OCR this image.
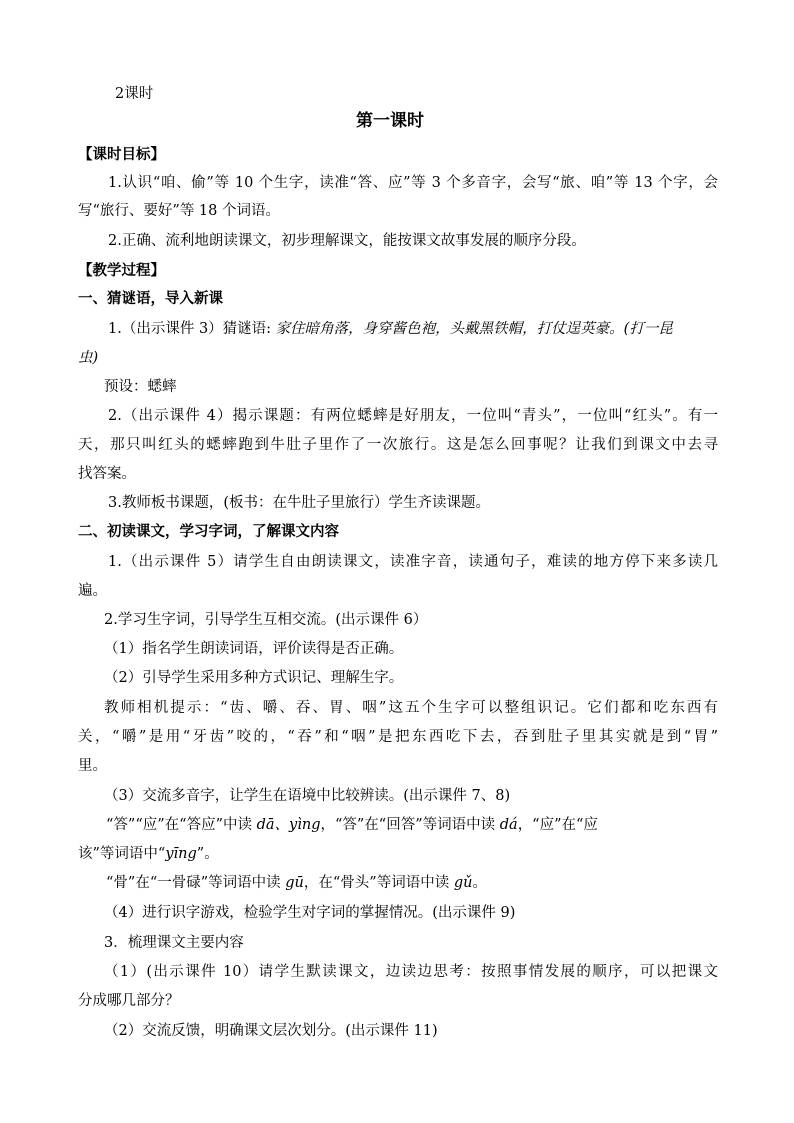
2课时
第一课时
【课时目标】
1.认识“咱、偷”等 10 个生字，读准“答、应”等 3 个多音字，会写“旅、咱”等 13 个字，会
写“旅行、要好”等 18 个词语。
2.正确、流利地朗读课文，初步理解课文，能按课文故事发展的顺序分段。
【教学过程】
一、猜谜语，导入新课
1.（出示课件 3）猜谜语: 家住暗角落，身穿酱色袍，头戴黑铁帽，打仗逞英豪。(打一昆
虫)
预设：蟋蟀
2.（出示课件 4）揭示课题：有两位蟋蟀是好朋友，一位叫“青头”，一位叫“红头”。有一
天，那只叫红头的蟋蟀跑到牛肚子里作了一次旅行。这是怎么回事呢？让我们到课文中去寻
找答案。
3.教师板书课题，(板书：在牛肚子里旅行）学生齐读课题。
二、初读课文，学习字词，了解课文内容
1.（出示课件 5）请学生自由朗读课文，读准字音，读通句子，难读的地方停下来多读几
遍。
2.学习生字词，引导学生互相交流。(出示课件 6）
（1）指名学生朗读词语，评价读得是否正确。
（2）引导学生采用多种方式识记、理解生字。
教师相机提示：“齿、嚼、吞、胃、咽”这五个生字可以整组识记。它们都和吃东西有
关，“嚼”是用“牙齿”咬的，“吞”和“咽”是把东西吃下去，吞到肚子里其实就是到“胃”
里。
（3）交流多音字，让学生在语境中比较辨读。(出示课件 7、8)
“答”“应”在“答应”中读 dā、yìng，“答”在“回答”等词语中读 dá，“应”在“应
该”等词语中“yīng”。
“骨”在“一骨碌”等词语中读 gū，在“骨头”等词语中读 gǔ。
（4）进行识字游戏，检验学生对字词的掌握情况。(出示课件 9)
3．梳理课文主要内容
（1）(出示课件 10）请学生默读课文，边读边思考：按照事情发展的顺序，可以把课文
分成哪几部分？
（2）交流反馈，明确课文层次划分。(出示课件 11)
